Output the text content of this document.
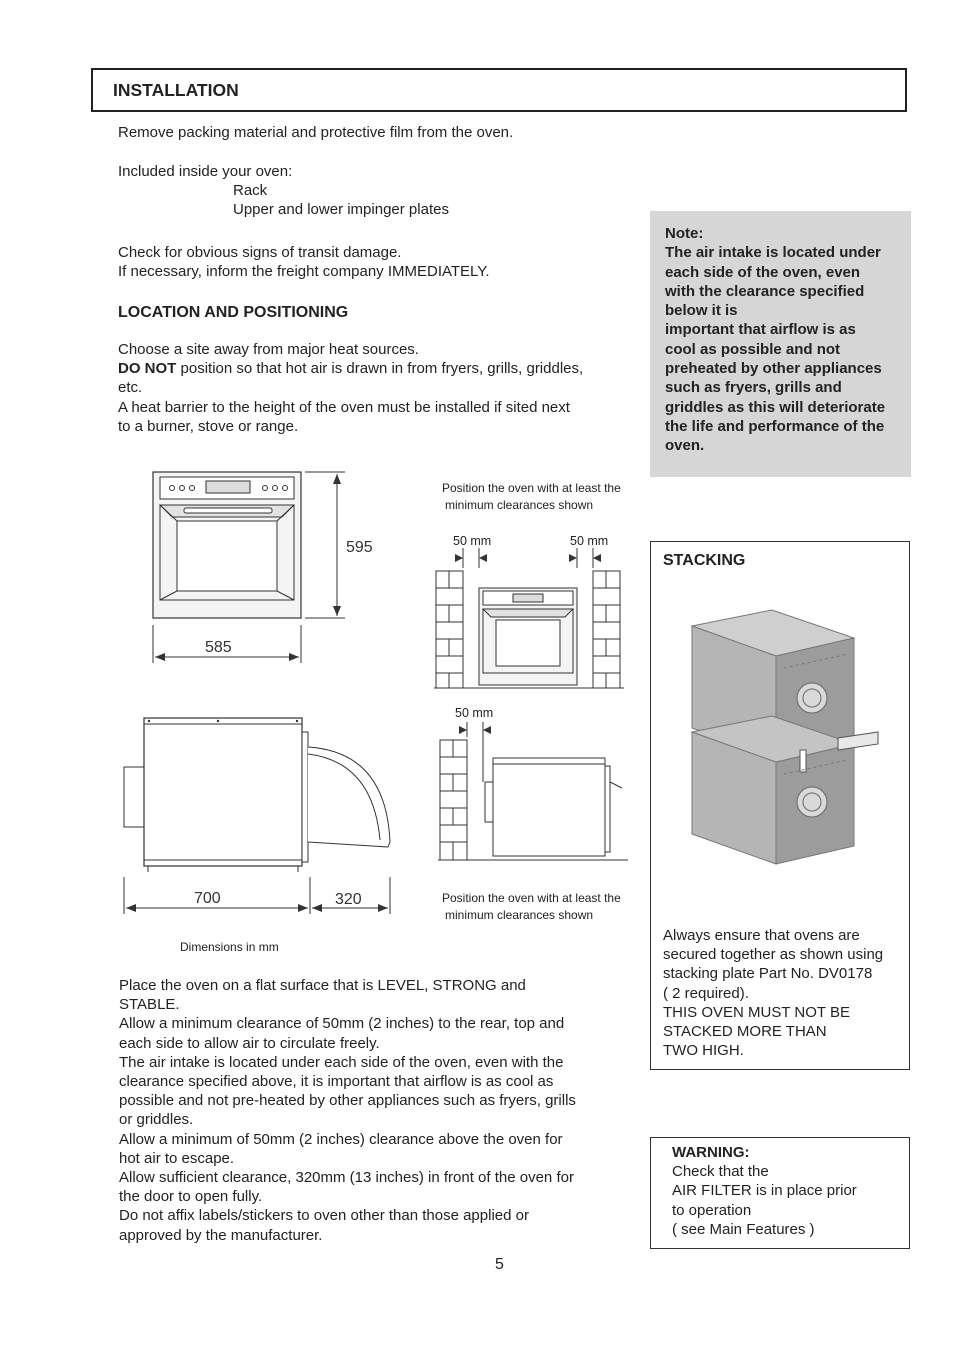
INSTALLATION
Remove packing material and protective film from the oven.
Included inside your oven:
Rack
Upper and lower impinger plates
Check for obvious signs of transit damage.
If necessary, inform the freight company IMMEDIATELY.
LOCATION AND POSITIONING
Choose a site away from major heat sources.
DO NOT position so that hot air is drawn in from fryers, grills, griddles,
etc.
A heat barrier to the height of the oven must be installed if sited next
to a burner, stove or range.
Note:
The air intake is located under
each side of the oven, even
with the clearance specified
below it is
important that airflow is as
cool as possible and not
preheated by other appliances
such as fryers, grills and
griddles as this will deteriorate
the life and performance of the
oven.
595
585
Position the oven with at least the
minimum clearances shown
50 mm	50 mm
700	320
50 mm
Position the oven with at least the
minimum clearances shown
Dimensions in mm
STACKING
Always ensure that ovens are
secured together as shown using
stacking plate Part No. DV0178
( 2 required).
THIS OVEN MUST NOT BE
STACKED MORE THAN
TWO HIGH.
Place the oven on a flat surface that is LEVEL, STRONG and
STABLE.
Allow a minimum clearance of 50mm (2 inches) to the rear, top and
each side to allow air to circulate freely.
The air intake is located under each side of the oven, even with the
clearance specified above, it is important that airflow is as cool as
possible and not pre-heated by other appliances such as fryers, grills
or griddles.
Allow a minimum of 50mm (2 inches) clearance above the oven for
hot air to escape.
Allow sufficient clearance, 320mm (13 inches) in front of the oven for
the door to open fully.
Do not affix labels/stickers to oven other than those applied or
approved by the manufacturer.
WARNING:
Check that the
AIR FILTER is in place prior
to operation
( see Main Features )
5
